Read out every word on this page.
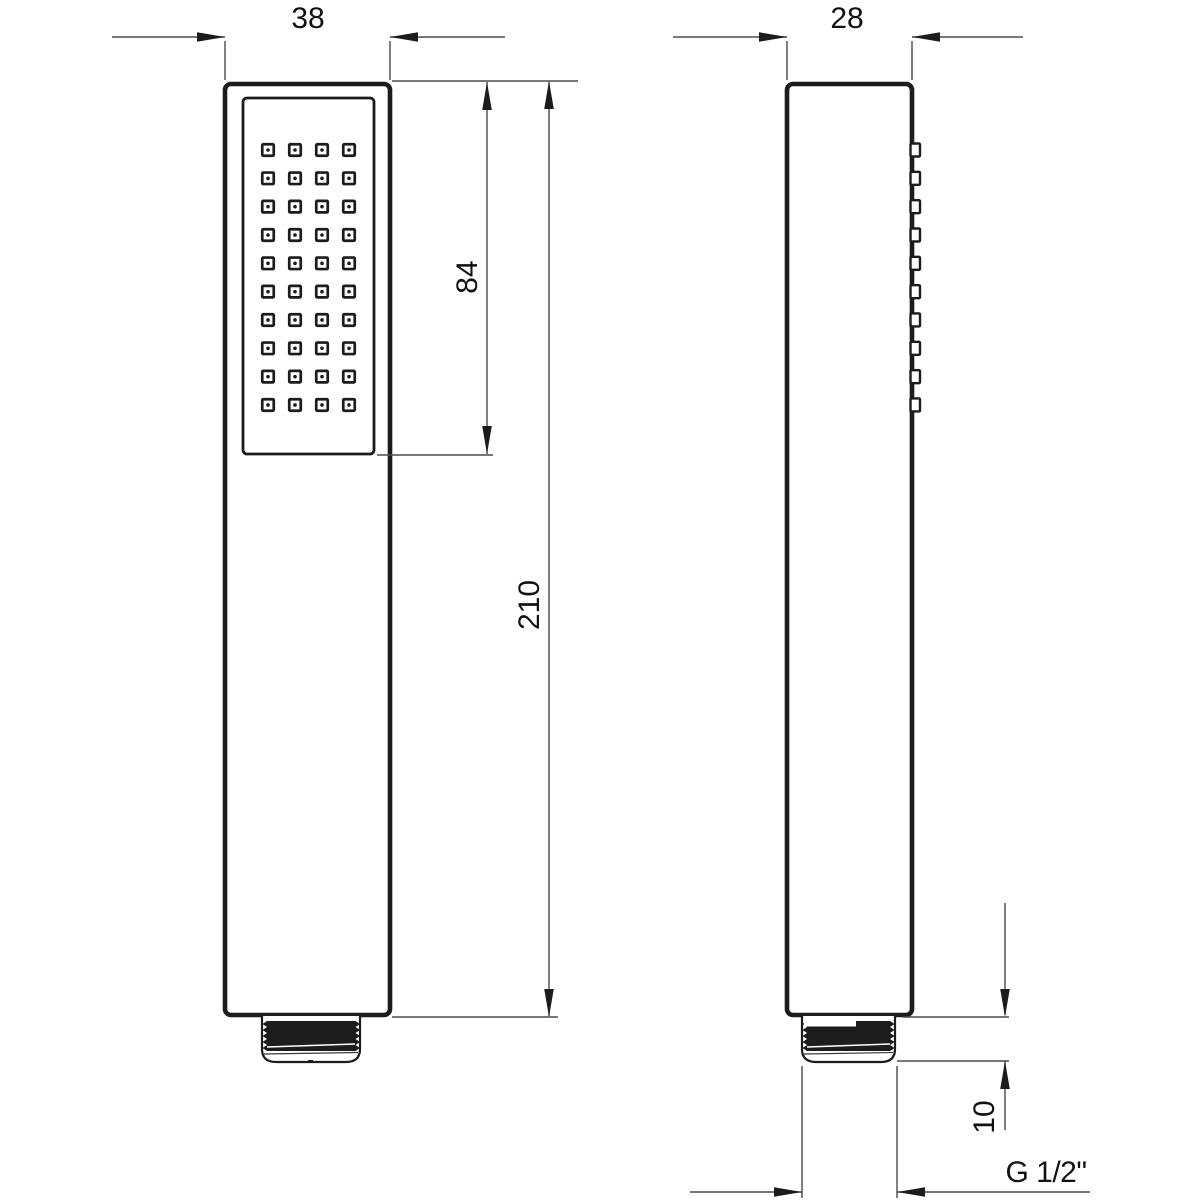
38
84
210
28
10
G 1/2"
